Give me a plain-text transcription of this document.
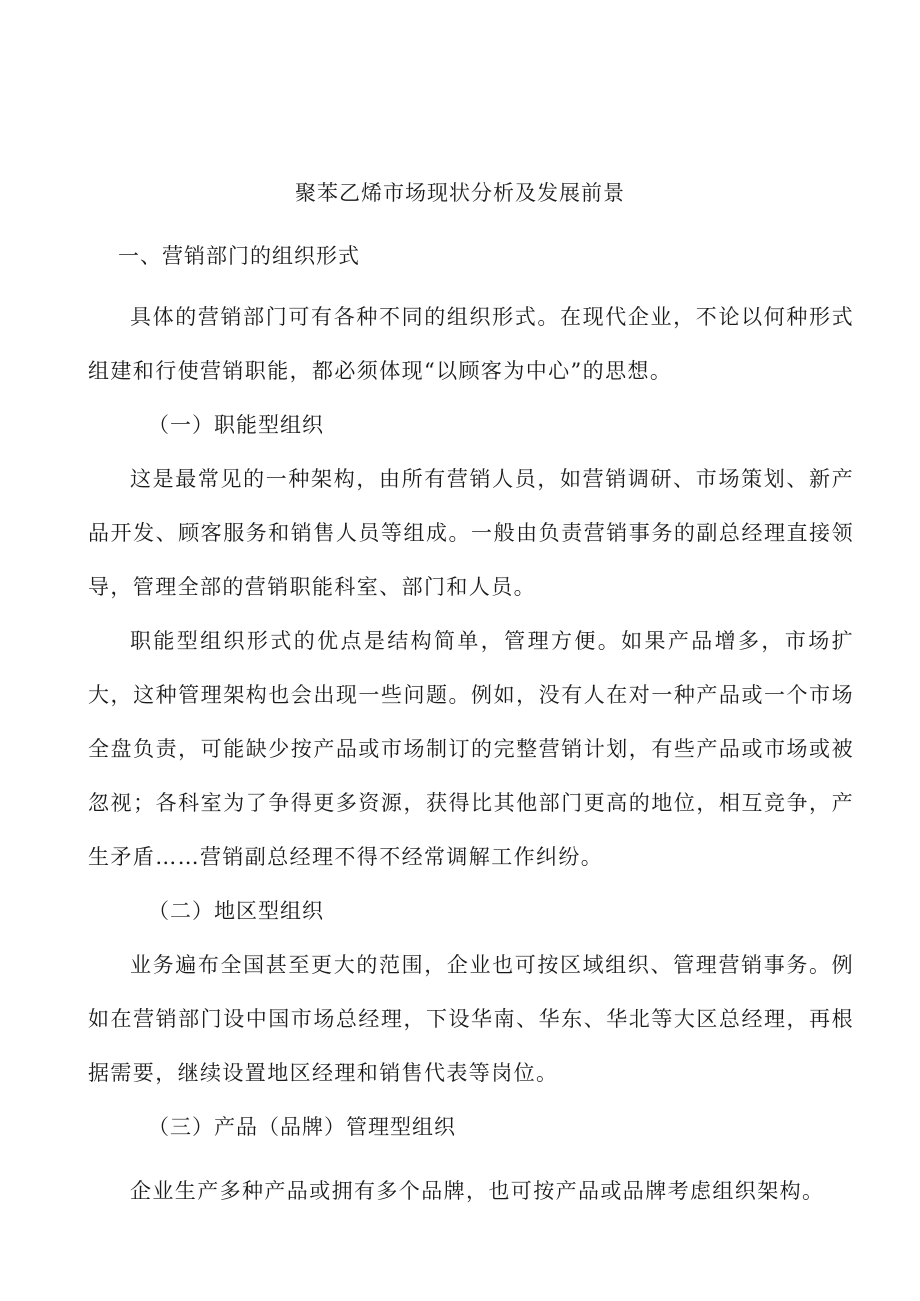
聚苯乙烯市场现状分析及发展前景
一、营销部门的组织形式

具体的营销部门可有各种不同的组织形式。在现代企业，不论以何种形式组建和行使营销职能，都必须体现“以顾客为中心”的思想。

（一）职能型组织

这是最常见的一种架构，由所有营销人员，如营销调研、市场策划、新产品开发、顾客服务和销售人员等组成。一般由负责营销事务的副总经理直接领导，管理全部的营销职能科室、部门和人员。

职能型组织形式的优点是结构简单，管理方便。如果产品增多，市场扩大，这种管理架构也会出现一些问题。例如，没有人在对一种产品或一个市场全盘负责，可能缺少按产品或市场制订的完整营销计划，有些产品或市场或被忽视；各科室为了争得更多资源，获得比其他部门更高的地位，相互竞争，产生矛盾……营销副总经理不得不经常调解工作纠纷。

（二）地区型组织

业务遍布全国甚至更大的范围，企业也可按区域组织、管理营销事务。例如在营销部门设中国市场总经理，下设华南、华东、华北等大区总经理，再根据需要，继续设置地区经理和销售代表等岗位。

（三）产品（品牌）管理型组织

企业生产多种产品或拥有多个品牌，也可按产品或品牌考虑组织架构。
